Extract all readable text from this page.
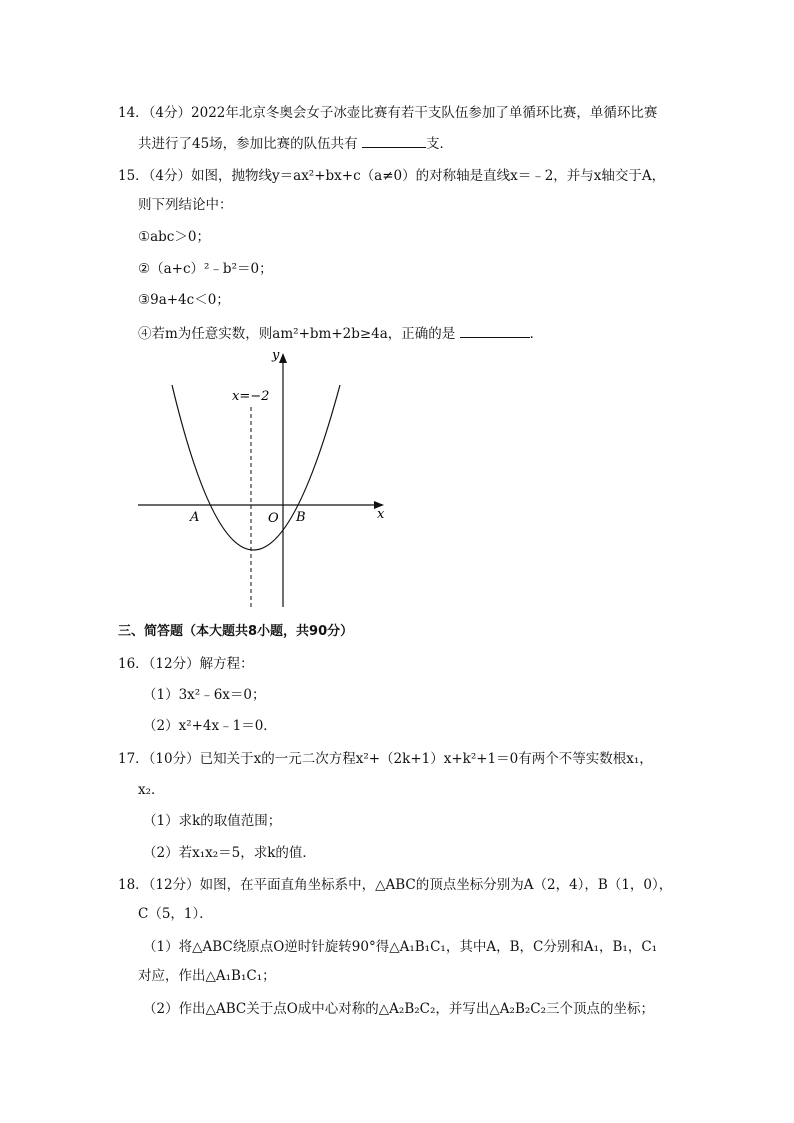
14．（4分）2022年北京冬奥会女子冰壶比赛有若干支队伍参加了单循环比赛，单循环比赛
共进行了45场，参加比赛的队伍共有	支．
15．（4分）如图，抛物线y＝ax²+bx+c（a≠0）的对称轴是直线x＝﹣2，并与x轴交于A，
则下列结论中：
①abc＞0；
②（a+c）²﹣b²＝0；
③9a+4c＜0；
④若m为任意实数，则am²+bm+2b≥4a，正确的是	．
x=−2
y
x
A	O B
三、简答题（本大题共8小题，共90分）
16．（12分）解方程：
（1）3x²﹣6x＝0；
（2）x²+4x﹣1＝0．
17．（10分）已知关于x的一元二次方程x²+（2k+1）x+k²+1＝0有两个不等实数根x₁，
x₂．
（1）求k的取值范围；
（2）若x₁x₂＝5，求k的值．
18．（12分）如图，在平面直角坐标系中，△ABC的顶点坐标分别为A（2，4），B（1，0），
C（5，1）．
（1）将△ABC绕原点O逆时针旋转90°得△A₁B₁C₁，其中A，B，C分别和A₁，B₁，C₁
对应，作出△A₁B₁C₁；
（2）作出△ABC关于点O成中心对称的△A₂B₂C₂，并写出△A₂B₂C₂三个顶点的坐标；
